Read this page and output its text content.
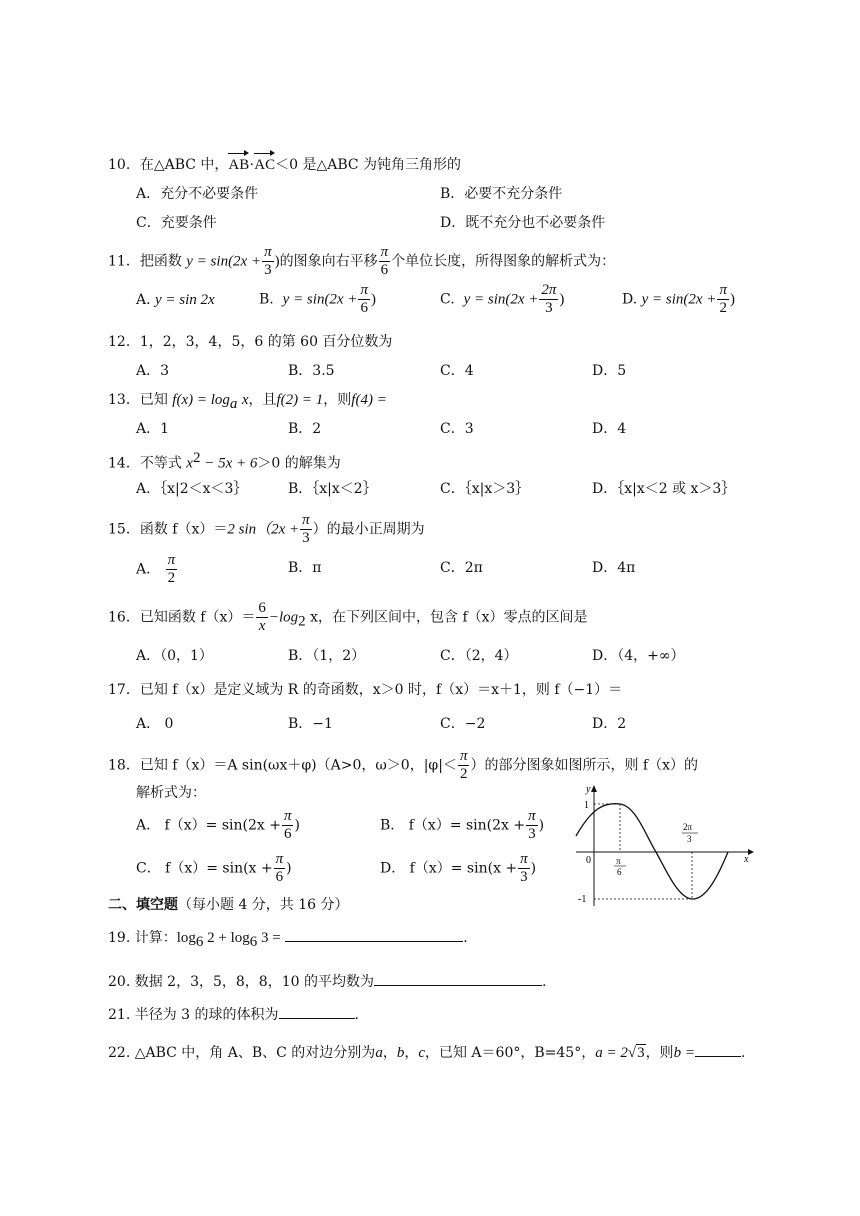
10．在△ABC 中，AB·AC＜0 是△ABC 为钝角三角形的
A．充分不必要条件	B．必要不充分条件
C．充要条件	D．既不充分也不必要条件
11．把函数 $y = \sin(2x + \frac{\pi}{3}$ )的图象向右平移 $\frac{\pi}{6}$ 个单位长度，所得图象的解析式为：
A. y = sin 2x	B. $y = \sin(2x + \frac{\pi}{6}$ )	C. $y = \sin(2x + \frac{2\pi}{3}$ )	D. $y = \sin(2x + \frac{\pi}{2}$ )
12．1，2，3，4，5，6 的第 60 百分位数为
A．3	B．3.5	C．4	D．5
13．已知 $f(x) = \log_a x$，且f(2) = 1，则f(4) =
A．1	B．2	C．3	D．4
14．不等式 $x^2 - 5x + 6>0$ 的解集为
A．｛x|2＜x＜3｝	B．｛x|x＜2｝	C．｛x|x＞3｝	D．｛x|x＜2 或 x＞3｝
15．函数 f（x）＝2 $\sin(2x + \frac{\pi}{3}$ ）的最小正周期为
A． $\frac{\pi}{2}$	B．π	C．2π	D．4π
16．已知函数 $f(x)= \frac{6}{x} -\log_2$ x，在下列区间中，包含 f（x）零点的区间是
A．（0，1）	B．（1，2）	C．（2，4）	D．（4，+∞）
17．已知 f（x）是定义域为 R 的奇函数，x＞0 时，f（x）＝x＋1，则 f（−1）＝
A． 0	B．−1	C．−2	D．2
18．已知 f（x）＝A sin(ωx＋φ)（A>0，ω＞0，$|\varphi|< \frac{\pi}{2}$ ）的部分图象如图所示，则 f（x）的
解析式为：
A． $f(x)= \sin(2x + \frac{\pi}{6}$ )	B． $f(x)= \sin(2x + \frac{\pi}{3}$ )
C． $f(x)= \sin(x + \frac{\pi}{6}$ )	D． $f(x)= \sin(x + \frac{\pi}{3}$ )
y
x
1
-1
0	π
6
2π
3
二、填空题（每小题 4 分，共 16 分）
19. 计算：$\log_6 2 + \log_6 3$ =	.
20. 数据 2，3，5，8，8，10 的平均数为	.
21. 半径为 3 的球的体积为	.
22. △ABC 中，角 A、B、C 的对边分别为a，b，c，已知 A＝60°，B=45°，a = 2√3，则b =	.
